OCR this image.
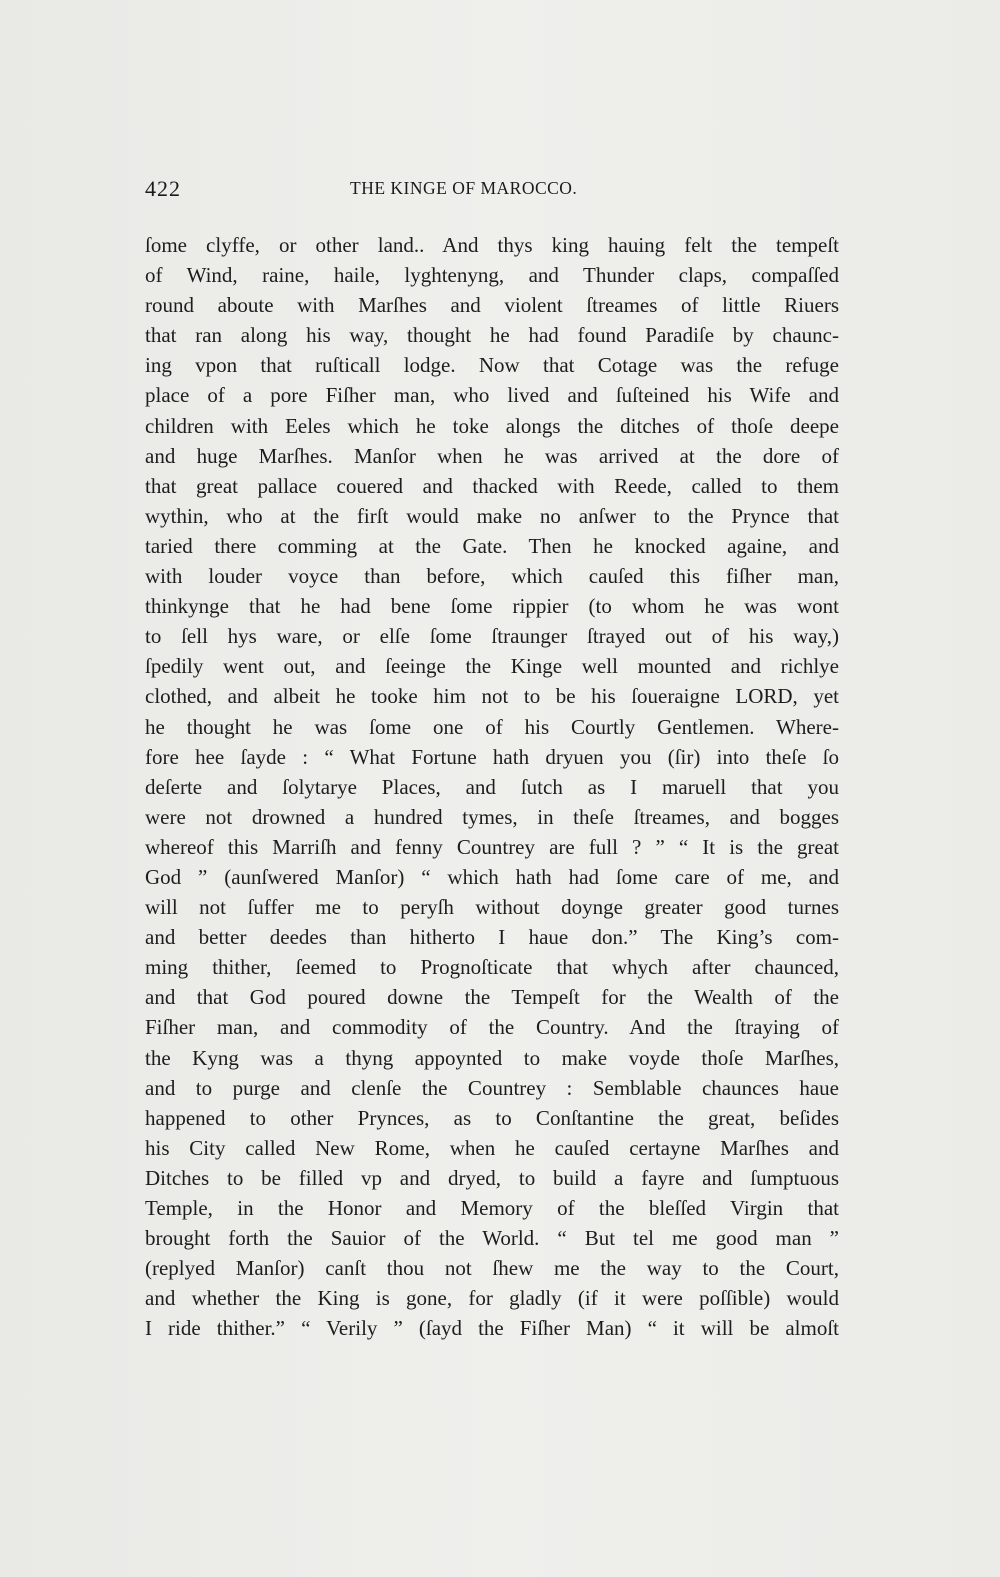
422	THE KINGE OF MAROCCO.
ſome clyffe, or other land.. And thys king hauing felt the tempeſt
of Wind, raine, haile, lyghtenyng, and Thunder claps, compaſſed
round aboute with Marſhes and violent ſtreames of little Riuers
that ran along his way, thought he had found Paradiſe by chaunc-
ing vpon that ruſticall lodge. Now that Cotage was the refuge
place of a pore Fiſher man, who lived and ſuſteined his Wife and
children with Eeles which he toke alongs the ditches of thoſe deepe
and huge Marſhes. Manſor when he was arrived at the dore of
that great pallace couered and thacked with Reede, called to them
wythin, who at the firſt would make no anſwer to the Prynce that
taried there comming at the Gate. Then he knocked againe, and
with louder voyce than before, which cauſed this fiſher man,
thinkynge that he had bene ſome rippier (to whom he was wont
to ſell hys ware, or elſe ſome ſtraunger ſtrayed out of his way,)
ſpedily went out, and ſeeinge the Kinge well mounted and richlye
clothed, and albeit he tooke him not to be his ſoueraigne LORD, yet
he thought he was ſome one of his Courtly Gentlemen. Where-
fore hee ſayde : “ What Fortune hath dryuen you (ſir) into theſe ſo
deſerte and ſolytarye Places, and ſutch as I maruell that you
were not drowned a hundred tymes, in theſe ſtreames, and bogges
whereof this Marriſh and fenny Countrey are full ? ” “ It is the great
God ” (aunſwered Manſor) “ which hath had ſome care of me, and
will not ſuffer me to peryſh without doynge greater good turnes
and better deedes than hitherto I haue don.” The King’s com-
ming thither, ſeemed to Prognoſticate that whych after chaunced,
and that God poured downe the Tempeſt for the Wealth of the
Fiſher man, and commodity of the Country. And the ſtraying of
the Kyng was a thyng appoynted to make voyde thoſe Marſhes,
and to purge and clenſe the Countrey : Semblable chaunces haue
happened to other Prynces, as to Conſtantine the great, beſides
his City called New Rome, when he cauſed certayne Marſhes and
Ditches to be filled vp and dryed, to build a fayre and ſumptuous
Temple, in the Honor and Memory of the bleſſed Virgin that
brought forth the Sauior of the World. “ But tel me good man ”
(replyed Manſor) canſt thou not ſhew me the way to the Court,
and whether the King is gone, for gladly (if it were poſſible) would
I ride thither.” “ Verily ” (ſayd the Fiſher Man) “ it will be almoſt
